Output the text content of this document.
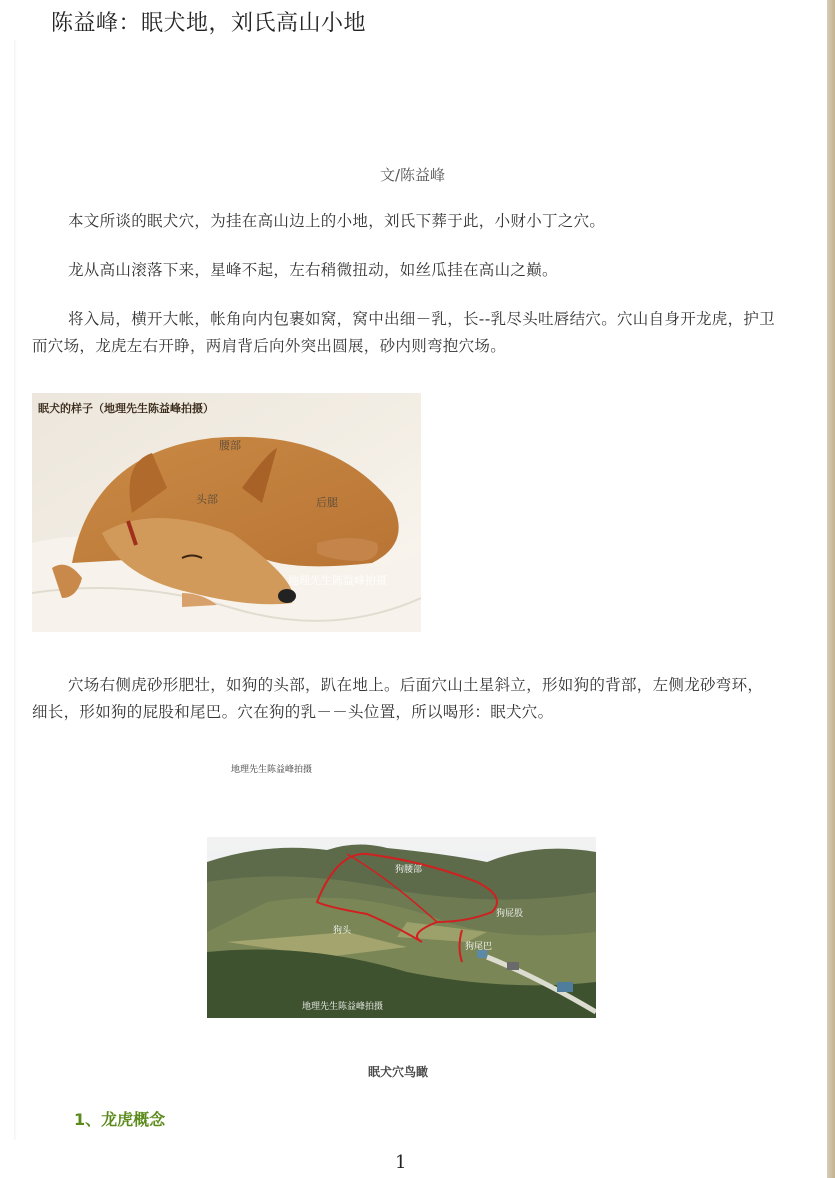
陈益峰：眠犬地，刘氏高山小地
文/陈益峰

本文所谈的眠犬穴，为挂在高山边上的小地，刘氏下葬于此，小财小丁之穴。

龙从高山滚落下来，星峰不起，左右稍微扭动，如丝瓜挂在高山之巅。

将入局，横开大帐，帐角向内包裹如窝，窝中出细－乳，长--乳尽头吐唇结穴。穴山自身开龙虎，护卫而穴场，龙虎左右开睁，两肩背后向外突出圆展，砂内则弯抱穴场。

腰部
头部	后腿
地理先生陈益峰拍摄
眠犬的样子（地理先生陈益峰拍摄）

穴场右侧虎砂形肥壮，如狗的头部，趴在地上。后面穴山土星斜立，形如狗的背部，左侧龙砂弯环，细长，形如狗的屁股和尾巴。穴在狗的乳－－头位置，所以喝形：眠犬穴。

地理先生陈益峰拍摄
狗腰部
狗屁股
狗头
狗尾巴
地理先生陈益峰拍摄
眠犬穴鸟瞰
1、龙虎概念
1
